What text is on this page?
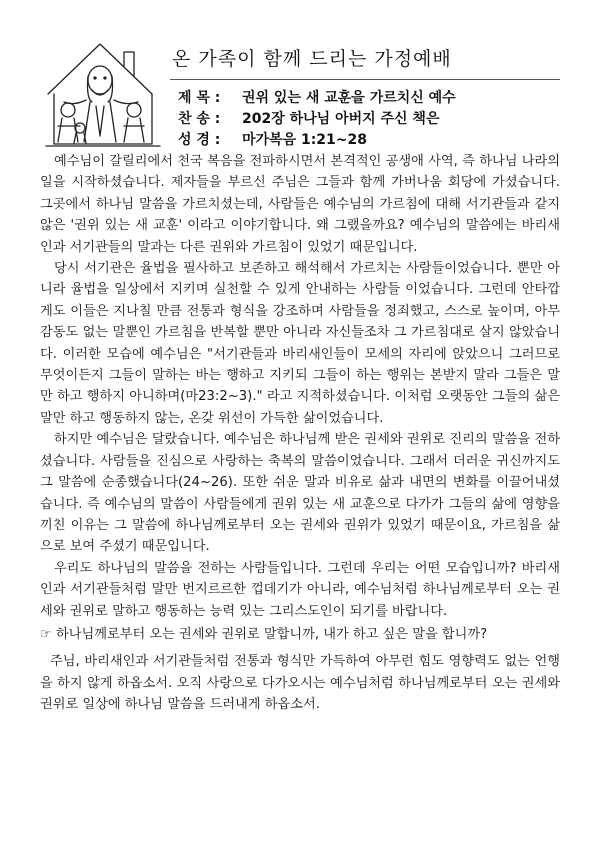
온 가족이 함께 드리는 가정예배
제 목 : 권위 있는 새 교훈을 가르치신 예수
찬 송 : 202장 하나님 아버지 주신 책은
성 경 : 마가복음 1:21~28

예수님이 갈릴리에서 천국 복음을 전파하시면서 본격적인 공생애 사역, 즉 하나님 나라의 일을 시작하셨습니다. 제자들을 부르신 주님은 그들과 함께 가버나움 회당에 가셨습니다. 그곳에서 하나님 말씀을 가르치셨는데, 사람들은 예수님의 가르침에 대해 서기관들과 같지 않은 '권위 있는 새 교훈' 이라고 이야기합니다. 왜 그랬을까요? 예수님의 말씀에는 바리새인과 서기관들의 말과는 다른 권위와 가르침이 있었기 때문입니다.

당시 서기관은 율법을 필사하고 보존하고 해석해서 가르치는 사람들이었습니다. 뿐만 아니라 율법을 일상에서 지키며 실천할 수 있게 안내하는 사람들 이었습니다. 그런데 안타깝게도 이들은 지나칠 만큼 전통과 형식을 강조하며 사람들을 정죄했고, 스스로 높이며, 아무 감동도 없는 말뿐인 가르침을 반복할 뿐만 아니라 자신들조차 그 가르침대로 살지 않았습니다. 이러한 모습에 예수님은 "서기관들과 바리새인들이 모세의 자리에 앉았으니 그러므로 무엇이든지 그들이 말하는 바는 행하고 지키되 그들이 하는 행위는 본받지 말라 그들은 말만 하고 행하지 아니하며(마23:2~3)." 라고 지적하셨습니다. 이처럼 오랫동안 그들의 삶은 말만 하고 행동하지 않는, 온갖 위선이 가득한 삶이었습니다.

하지만 예수님은 달랐습니다. 예수님은 하나님께 받은 권세와 권위로 진리의 말씀을 전하셨습니다. 사람들을 진심으로 사랑하는 축복의 말씀이었습니다. 그래서 더러운 귀신까지도 그 말씀에 순종했습니다(24~26). 또한 쉬운 말과 비유로 삶과 내면의 변화를 이끌어내셨습니다. 즉 예수님의 말씀이 사람들에게 권위 있는 새 교훈으로 다가가 그들의 삶에 영향을 끼친 이유는 그 말씀에 하나님께로부터 오는 권세와 권위가 있었기 때문이요, 가르침을 삶으로 보여 주셨기 때문입니다.

우리도 하나님의 말씀을 전하는 사람들입니다. 그런데 우리는 어떤 모습입니까? 바리새인과 서기관들처럼 말만 번지르르한 껍데기가 아니라, 예수님처럼 하나님께로부터 오는 권세와 권위로 말하고 행동하는 능력 있는 그리스도인이 되기를 바랍니다.

☞ 하나님께로부터 오는 권세와 권위로 말합니까, 내가 하고 싶은 말을 합니까?

주님, 바리새인과 서기관들처럼 전통과 형식만 가득하여 아무런 힘도 영향력도 없는 언행을 하지 않게 하옵소서. 오직 사랑으로 다가오시는 예수님처럼 하나님께로부터 오는 권세와 권위로 일상에 하나님 말씀을 드러내게 하옵소서.
